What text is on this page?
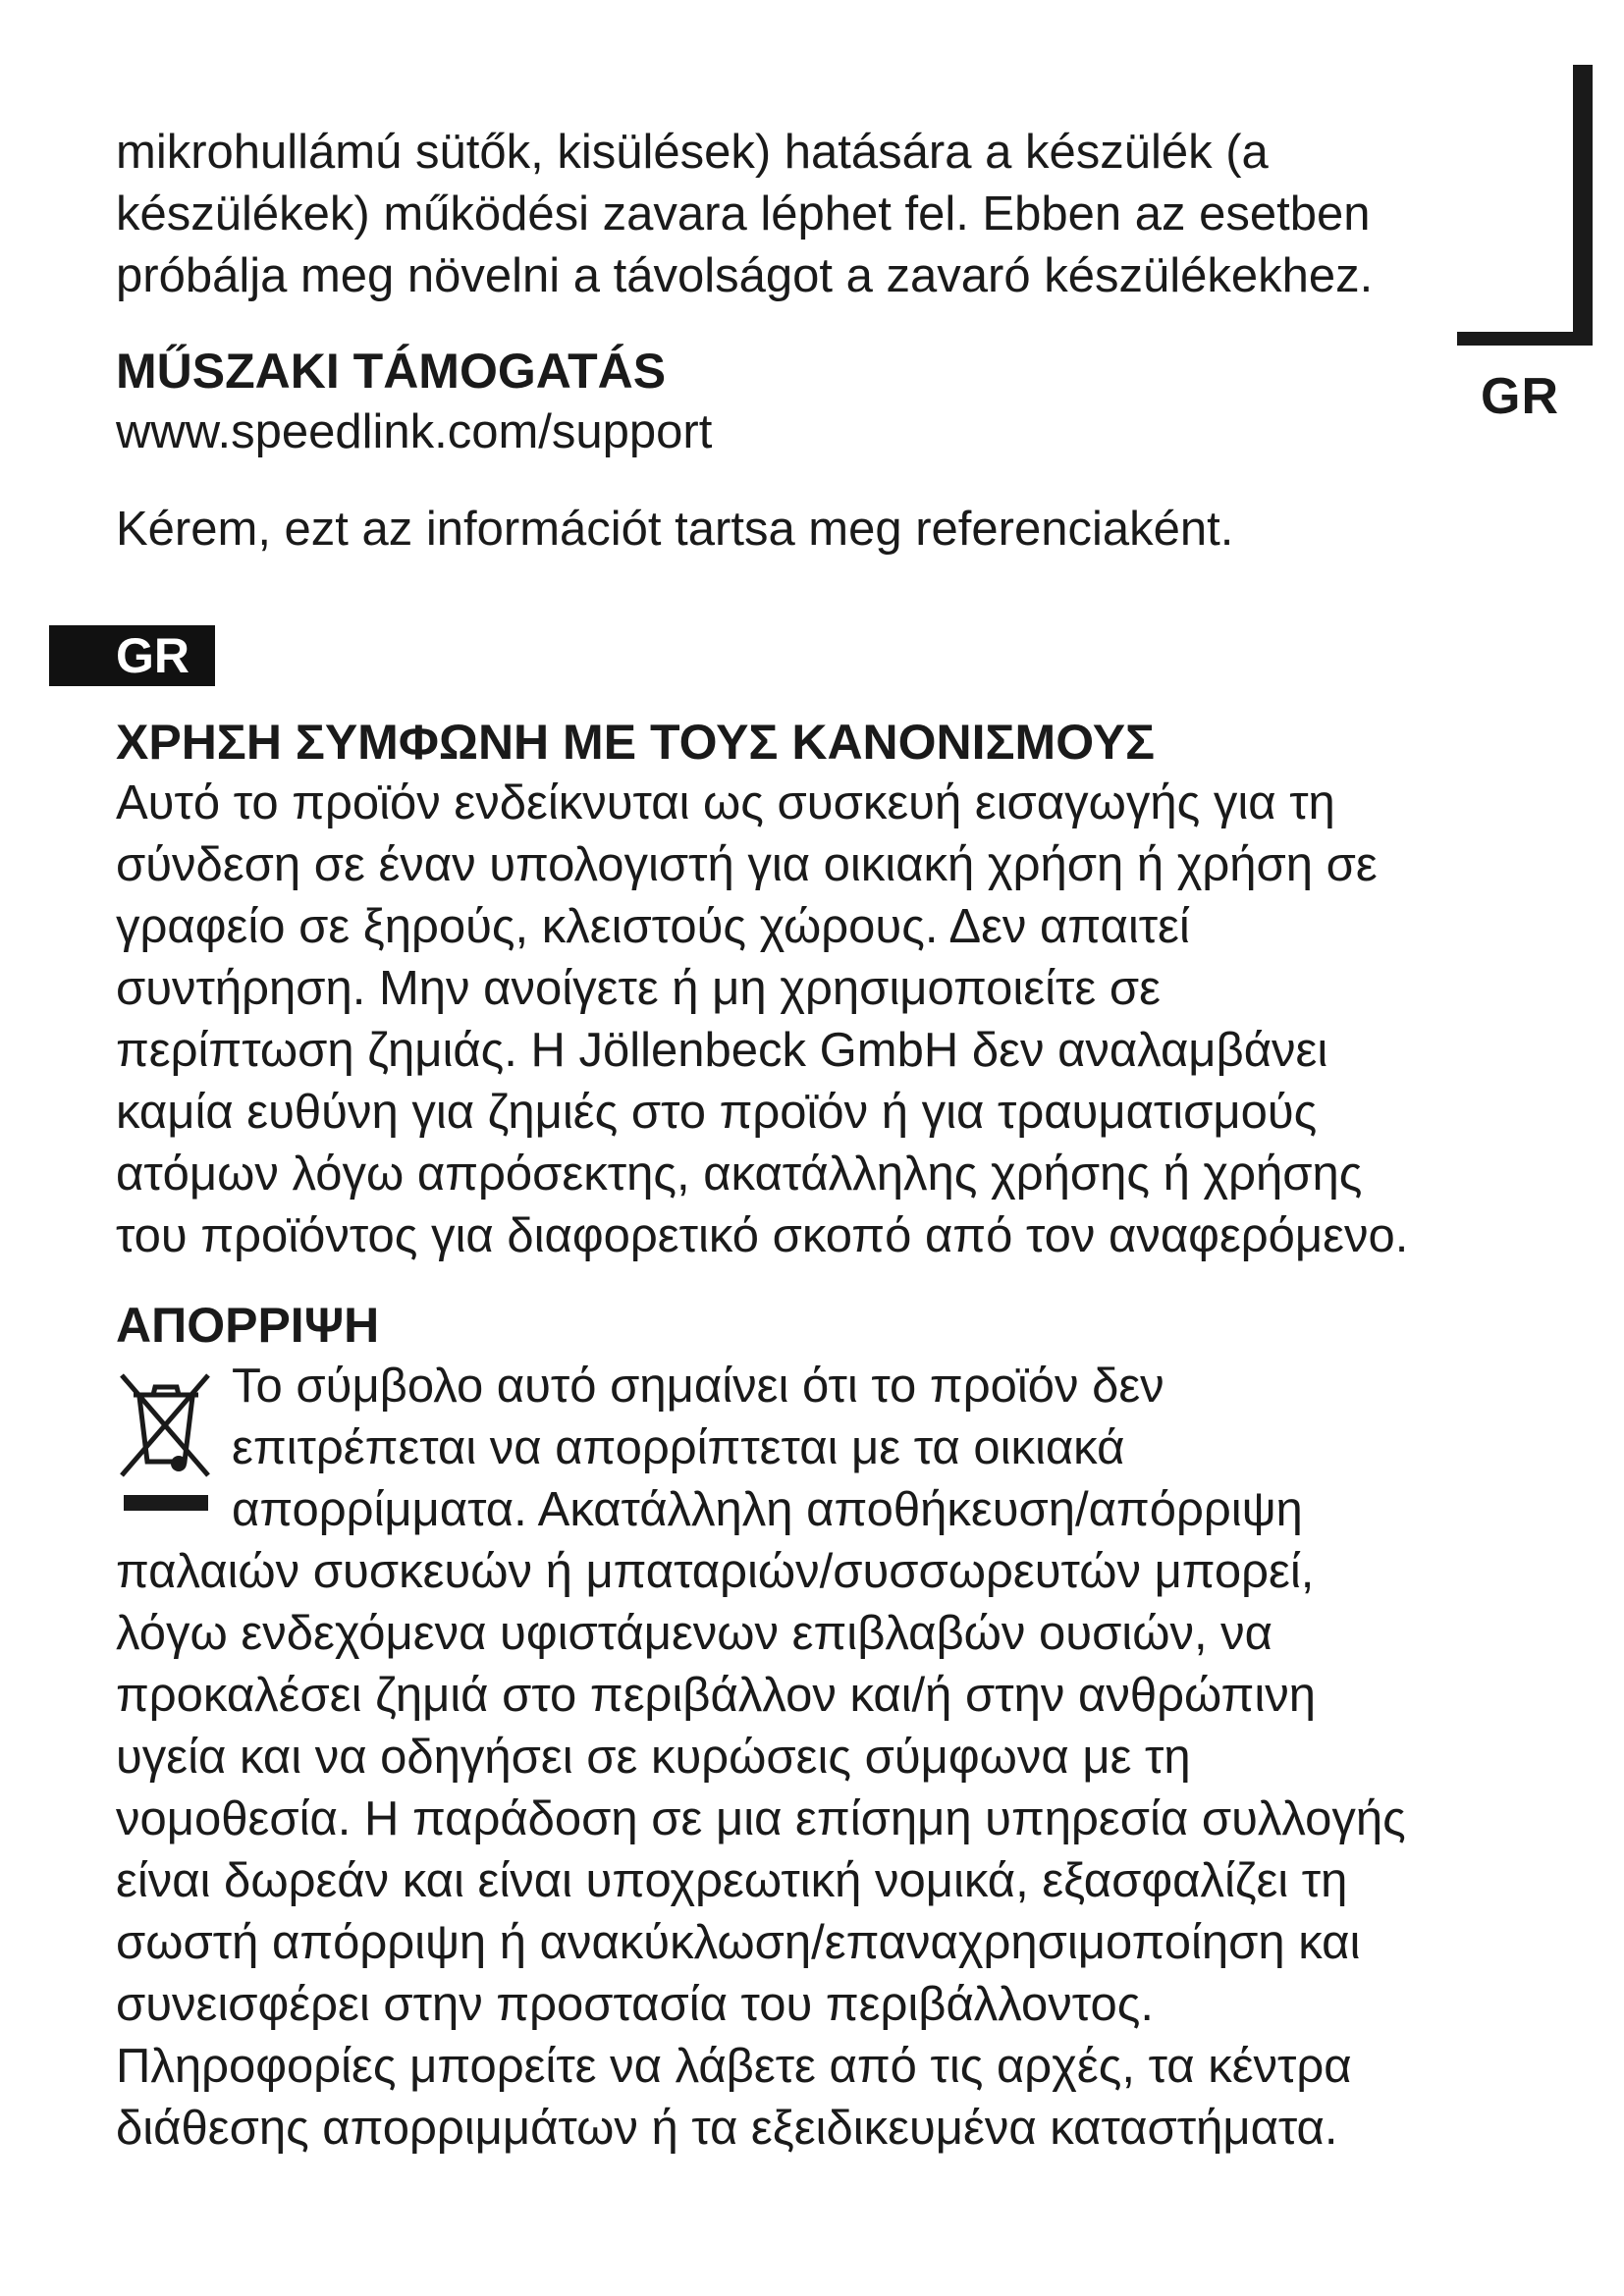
GR

mikrohullámú sütők, kisülések) hatására a készülék (a készülékek) működési zavara léphet fel. Ebben az esetben próbálja meg növelni a távolságot a zavaró készülékekhez.

MŰSZAKI TÁMOGATÁS

www.speedlink.com/support

Kérem, ezt az információt tartsa meg referenciaként.

GR
ΧΡΗΣΗ ΣΥΜΦΩΝΗ ΜΕ ΤΟΥΣ ΚΑΝΟΝΙΣΜΟΥΣ

Αυτό το προϊόν ενδείκνυται ως συσκευή εισαγωγής για τη σύνδεση σε έναν υπολογιστή για οικιακή χρήση ή χρήση σε γραφείο σε ξηρούς, κλειστούς χώρους. Δεν απαιτεί συντήρηση. Μην ανοίγετε ή μη χρησιμοποιείτε σε περίπτωση ζημιάς. Η Jöllenbeck GmbH δεν αναλαμβάνει καμία ευθύνη για ζημιές στο προϊόν ή για τραυματισμούς ατόμων λόγω απρόσεκτης, ακατάλληλης χρήσης ή χρήσης του προϊόντος για διαφορετικό σκοπό από τον αναφερόμενο.

ΑΠΟΡΡΙΨΗ

Το σύμβολο αυτό σημαίνει ότι το προϊόν δεν επιτρέπεται να απορρίπτεται με τα οικιακά απορρίμματα. Ακατάλληλη αποθήκευση/απόρριψη παλαιών συσκευών ή μπαταριών/συσσωρευτών μπορεί, λόγω ενδεχόμενα υφιστάμενων επιβλαβών ουσιών, να προκαλέσει ζημιά στο περιβάλλον και/ή στην ανθρώπινη υγεία και να οδηγήσει σε κυρώσεις σύμφωνα με τη νομοθεσία. Η παράδοση σε μια επίσημη υπηρεσία συλλογής είναι δωρεάν και είναι υποχρεωτική νομικά, εξασφαλίζει τη σωστή απόρριψη ή ανακύκλωση/επαναχρησιμοποίηση και συνεισφέρει στην προστασία του περιβάλλοντος.

Πληροφορίες μπορείτε να λάβετε από τις αρχές, τα κέντρα διάθεσης απορριμμάτων ή τα εξειδικευμένα καταστήματα.
